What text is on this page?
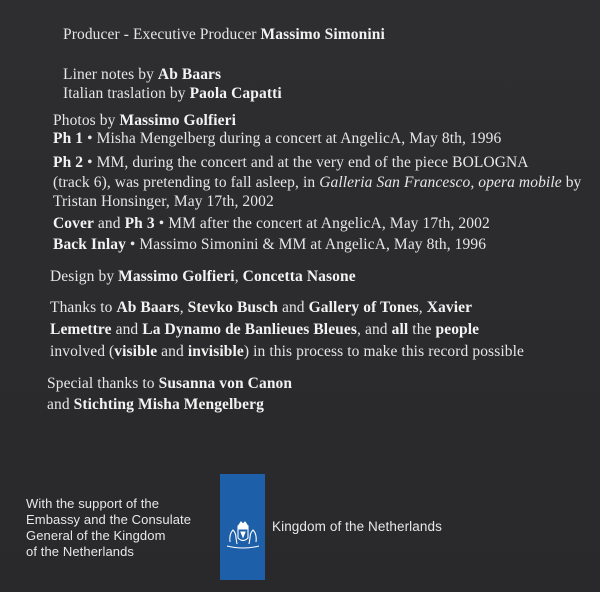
Producer - Executive Producer Massimo Simonini
Liner notes by Ab Baars
Italian traslation by Paola Capatti
Photos by Massimo Golfieri
Ph 1 • Misha Mengelberg during a concert at AngelicA, May 8th, 1996
Ph 2 • MM, during the concert and at the very end of the piece BOLOGNA
(track 6), was pretending to fall asleep, in Galleria San Francesco, opera mobile by
Tristan Honsinger, May 17th, 2002
Cover and Ph 3 • MM after the concert at AngelicA, May 17th, 2002
Back Inlay • Massimo Simonini & MM at AngelicA, May 8th, 1996
Design by Massimo Golfieri, Concetta Nasone
Thanks to Ab Baars, Stevko Busch and Gallery of Tones, Xavier
Lemettre and La Dynamo de Banlieues Bleues, and all the people
involved (visible and invisible) in this process to make this record possible
Special thanks to Susanna von Canon
and Stichting Misha Mengelberg
With the support of the
Embassy and the Consulate
General of the Kingdom
of the Netherlands
Kingdom of the Netherlands
